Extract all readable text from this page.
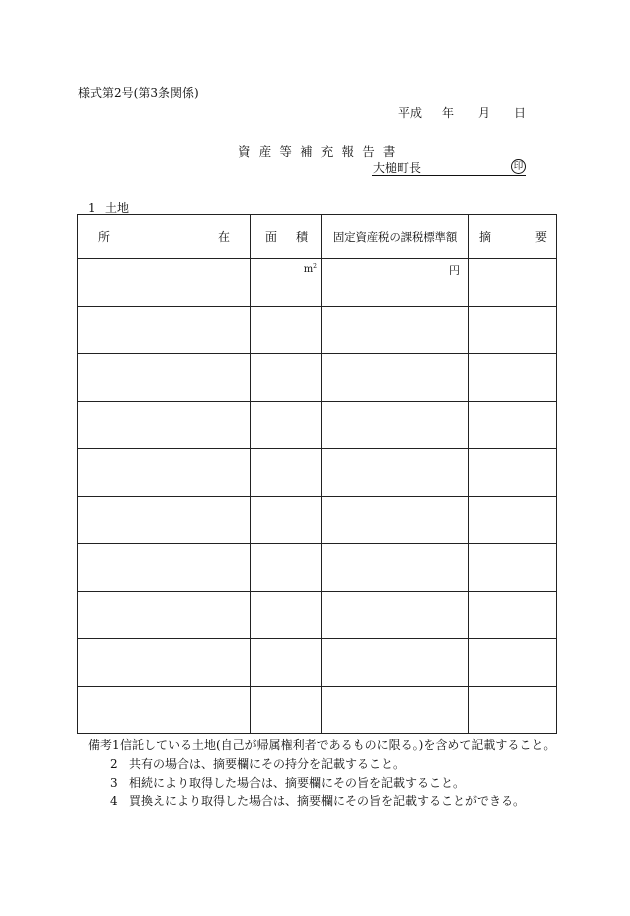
様式第2号(第3条関係)
平成 年 月 日
資産等補充報告書
大槌町長	印
1 土地
所 在	面 積	固定資産税の課税標準額	摘 要

	$m^2$	円	

備考1 信託している土地(自己が帰属権利者であるものに限る。)を含めて記載すること。
2 共有の場合は、摘要欄にその持分を記載すること。
3 相続により取得した場合は、摘要欄にその旨を記載すること。
4 買換えにより取得した場合は、摘要欄にその旨を記載することができる。
